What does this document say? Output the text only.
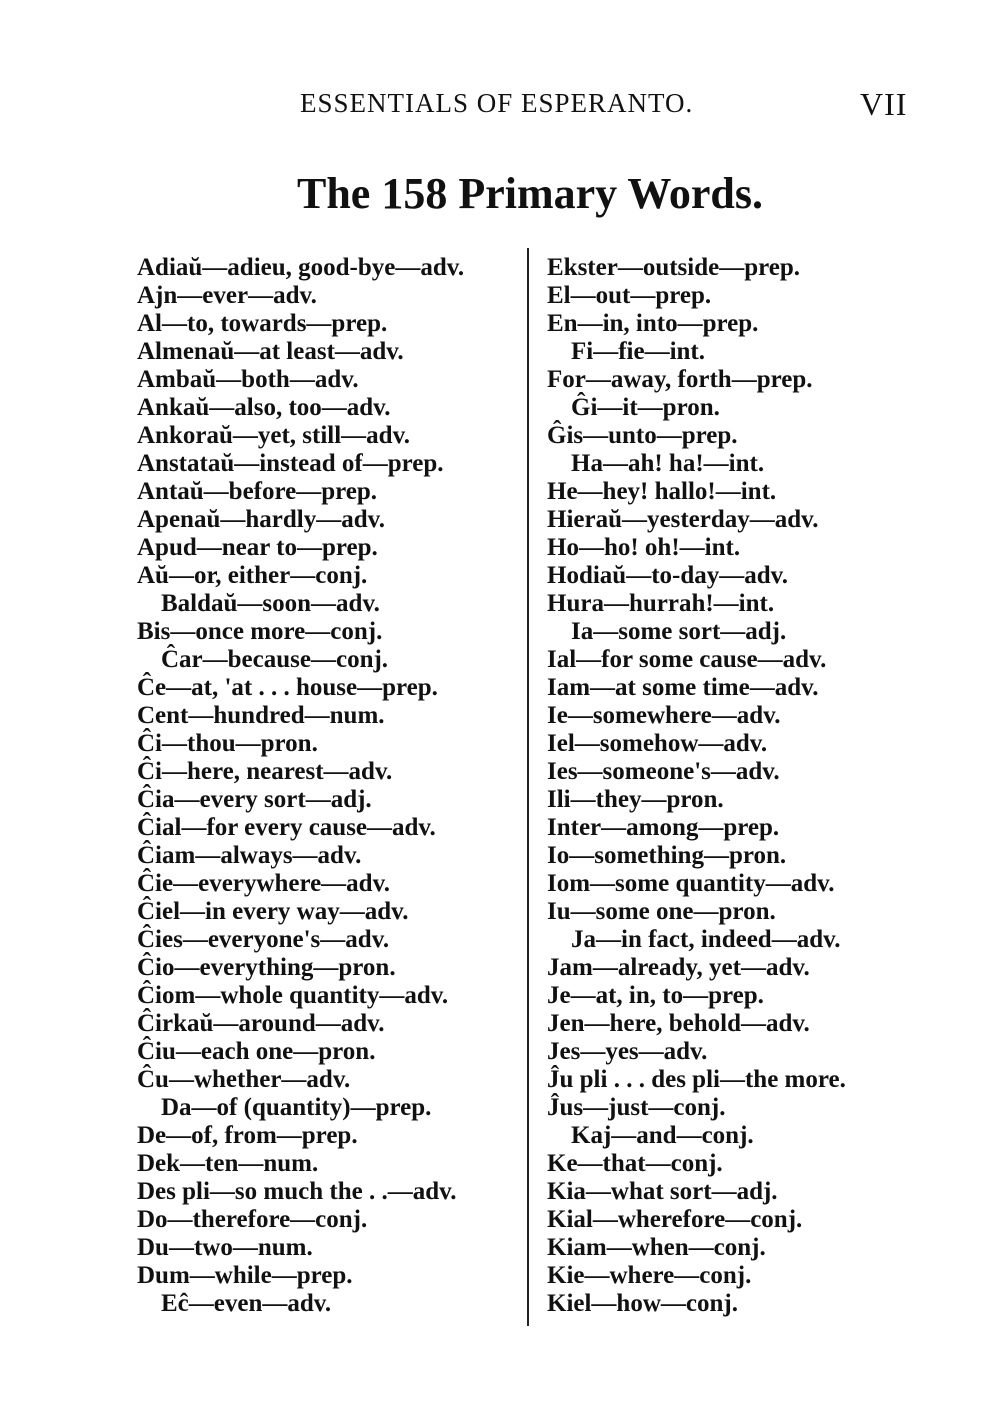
ESSENTIALS OF ESPERANTO.	VII
The 158 Primary Words.
Adiaŭ—adieu, good-bye—adv.
Ajn—ever—adv.
Al—to, towards—prep.
Almenaŭ—at least—adv.
Ambaŭ—both—adv.
Ankaŭ—also, too—adv.
Ankoraŭ—yet, still—adv.
Anstataŭ—instead of—prep.
Antaŭ—before—prep.
Apenaŭ—hardly—adv.
Apud—near to—prep.
Aŭ—or, either—conj.
Baldaŭ—soon—adv.
Bis—once more—conj.
Ĉar—because—conj.
Ĉe—at, 'at . . . house—prep.
Cent—hundred—num.
Ĉi—thou—pron.
Ĉi—here, nearest—adv.
Ĉia—every sort—adj.
Ĉial—for every cause—adv.
Ĉiam—always—adv.
Ĉie—everywhere—adv.
Ĉiel—in every way—adv.
Ĉies—everyone's—adv.
Ĉio—everything—pron.
Ĉiom—whole quantity—adv.
Ĉirkaŭ—around—adv.
Ĉiu—each one—pron.
Ĉu—whether—adv.
Da—of (quantity)—prep.
De—of, from—prep.
Dek—ten—num.
Des pli—so much the . .—adv.
Do—therefore—conj.
Du—two—num.
Dum—while—prep.
Eĉ—even—adv.
Ekster—outside—prep.
El—out—prep.
En—in, into—prep.
Fi—fie—int.
For—away, forth—prep.
Ĝi—it—pron.
Ĝis—unto—prep.
Ha—ah! ha!—int.
He—hey! hallo!—int.
Hieraŭ—yesterday—adv.
Ho—ho! oh!—int.
Hodiaŭ—to-day—adv.
Hura—hurrah!—int.
Ia—some sort—adj.
Ial—for some cause—adv.
Iam—at some time—adv.
Ie—somewhere—adv.
Iel—somehow—adv.
Ies—someone's—adv.
Ili—they—pron.
Inter—among—prep.
Io—something—pron.
Iom—some quantity—adv.
Iu—some one—pron.
Ja—in fact, indeed—adv.
Jam—already, yet—adv.
Je—at, in, to—prep.
Jen—here, behold—adv.
Jes—yes—adv.
Ĵu pli . . . des pli—the more.
Ĵus—just—conj.
Kaj—and—conj.
Ke—that—conj.
Kia—what sort—adj.
Kial—wherefore—conj.
Kiam—when—conj.
Kie—where—conj.
Kiel—how—conj.
